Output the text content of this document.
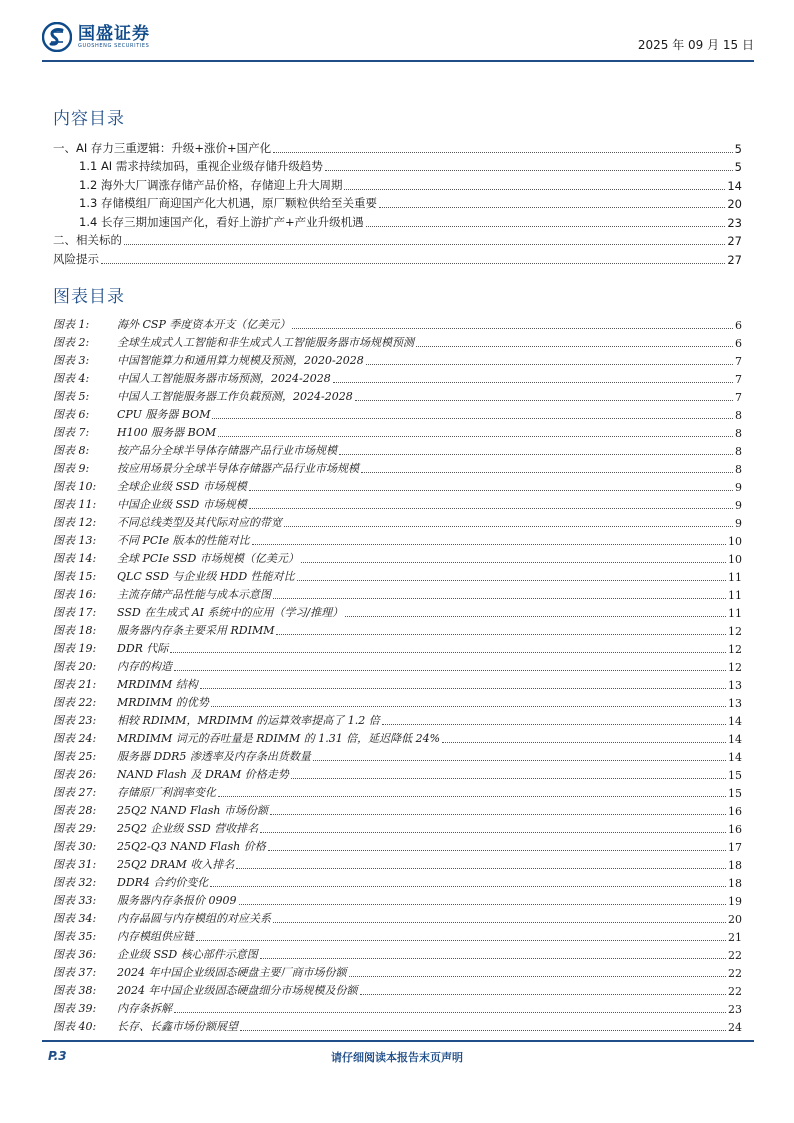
国盛证券
GUOSHENG SECURITIES	2025 年 09 月 15 日
内容目录
一、AI 存力三重逻辑：升级+涨价+国产化	5
1.1 AI 需求持续加码，重视企业级存储升级趋势	5
1.2 海外大厂调涨存储产品价格，存储迎上升大周期	14
1.3 存储模组厂商迎国产化大机遇，原厂颗粒供给至关重要	20
1.4 长存三期加速国产化，看好上游扩产+产业升级机遇	23
二、相关标的	27
风险提示	27
图表目录
图表 1:	海外 CSP 季度资本开支（亿美元）	6
图表 2:	全球生成式人工智能和非生成式人工智能服务器市场规模预测	6
图表 3:	中国智能算力和通用算力规模及预测，2020-2028	7
图表 4:	中国人工智能服务器市场预测，2024-2028	7
图表 5:	中国人工智能服务器工作负载预测，2024-2028	7
图表 6:	CPU 服务器 BOM	8
图表 7:	H100 服务器 BOM	8
图表 8:	按产品分全球半导体存储器产品行业市场规模	8
图表 9:	按应用场景分全球半导体存储器产品行业市场规模	8
图表 10:	全球企业级 SSD 市场规模	9
图表 11:	中国企业级 SSD 市场规模	9
图表 12:	不同总线类型及其代际对应的带宽	9
图表 13:	不同 PCIe 版本的性能对比	10
图表 14:	全球 PCIe SSD 市场规模（亿美元）	10
图表 15:	QLC SSD 与企业级 HDD 性能对比	11
图表 16:	主流存储产品性能与成本示意图	11
图表 17:	SSD 在生成式 AI 系统中的应用（学习/推理）	11
图表 18:	服务器内存条主要采用 RDIMM	12
图表 19:	DDR 代际	12
图表 20:	内存的构造	12
图表 21:	MRDIMM 结构	13
图表 22:	MRDIMM 的优势	13
图表 23:	相较 RDIMM，MRDIMM 的运算效率提高了 1.2 倍	14
图表 24:	MRDIMM 词元的吞吐量是 RDIMM 的 1.31 倍，延迟降低 24%	14
图表 25:	服务器 DDR5 渗透率及内存条出货数量	14
图表 26:	NAND Flash 及 DRAM 价格走势	15
图表 27:	存储原厂利润率变化	15
图表 28:	25Q2 NAND Flash 市场份额	16
图表 29:	25Q2 企业级 SSD 营收排名	16
图表 30:	25Q2-Q3 NAND Flash 价格	17
图表 31:	25Q2 DRAM 收入排名	18
图表 32:	DDR4 合约价变化	18
图表 33:	服务器内存条报价 0909	19
图表 34:	内存晶圆与内存模组的对应关系	20
图表 35:	内存模组供应链	21
图表 36:	企业级 SSD 核心部件示意图	22
图表 37:	2024 年中国企业级固态硬盘主要厂商市场份额	22
图表 38:	2024 年中国企业级固态硬盘细分市场规模及份额	22
图表 39:	内存条拆解	23
图表 40:	长存、长鑫市场份额展望	24
P.3	请仔细阅读本报告末页声明
